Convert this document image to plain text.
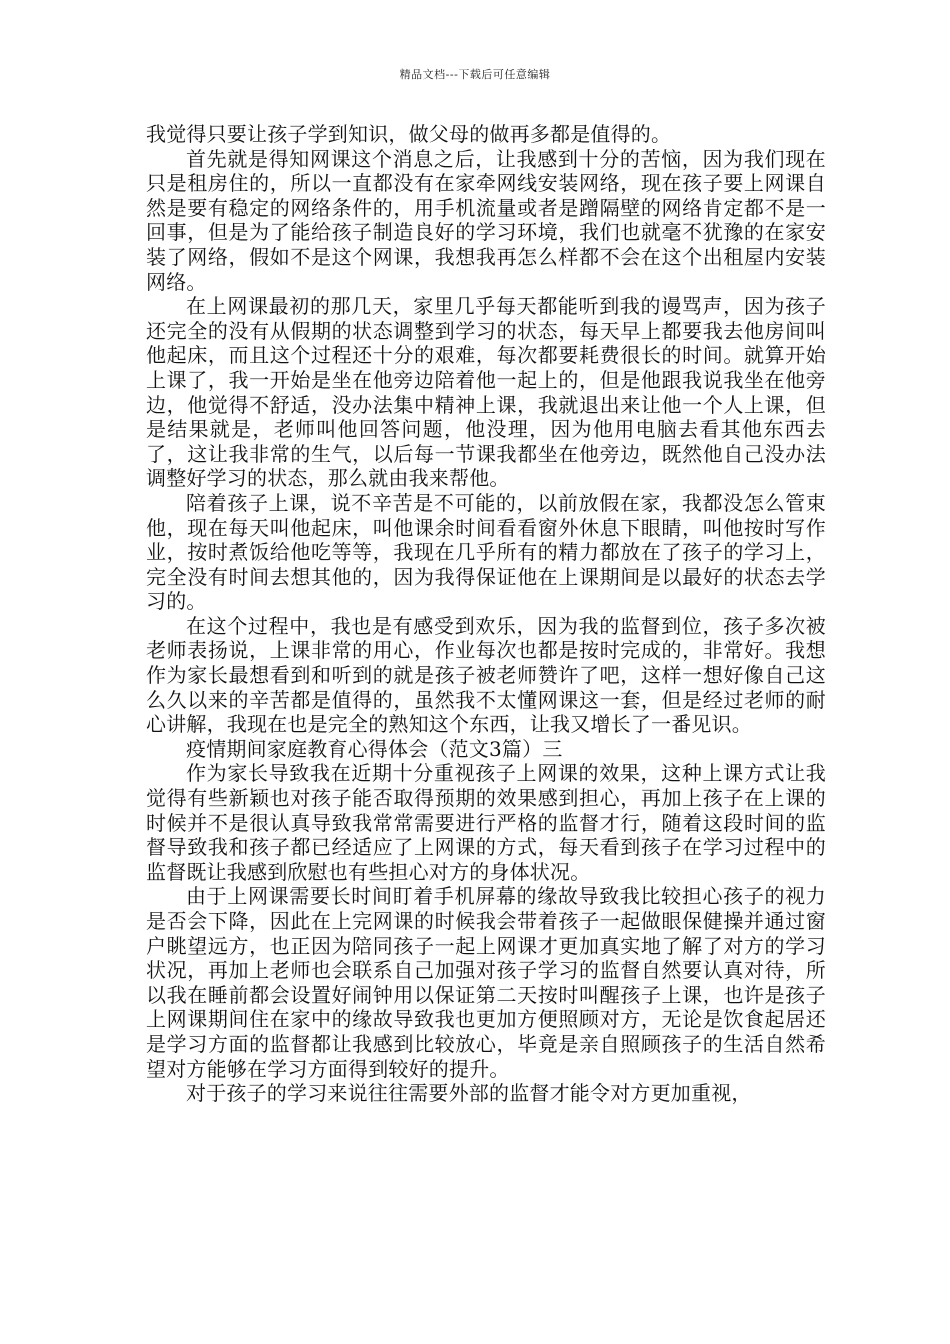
精品文档---下载后可任意编辑

我觉得只要让孩子学到知识，做父母的做再多都是值得的。

首先就是得知网课这个消息之后，让我感到十分的苦恼，因为我们现在只是租房住的，所以一直都没有在家牵网线安装网络，现在孩子要上网课自然是要有稳定的网络条件的，用手机流量或者是蹭隔壁的网络肯定都不是一回事，但是为了能给孩子制造良好的学习环境，我们也就毫不犹豫的在家安装了网络，假如不是这个网课，我想我再怎么样都不会在这个出租屋内安装网络。

在上网课最初的那几天，家里几乎每天都能听到我的谩骂声，因为孩子还完全的没有从假期的状态调整到学习的状态，每天早上都要我去他房间叫他起床，而且这个过程还十分的艰难，每次都要耗费很长的时间。就算开始上课了，我一开始是坐在他旁边陪着他一起上的，但是他跟我说我坐在他旁边，他觉得不舒适，没办法集中精神上课，我就退出来让他一个人上课，但是结果就是，老师叫他回答问题，他没理，因为他用电脑去看其他东西去了，这让我非常的生气，以后每一节课我都坐在他旁边，既然他自己没办法调整好学习的状态，那么就由我来帮他。

陪着孩子上课，说不辛苦是不可能的，以前放假在家，我都没怎么管束他，现在每天叫他起床，叫他课余时间看看窗外休息下眼睛，叫他按时写作业，按时煮饭给他吃等等，我现在几乎所有的精力都放在了孩子的学习上，完全没有时间去想其他的，因为我得保证他在上课期间是以最好的状态去学习的。

在这个过程中，我也是有感受到欢乐，因为我的监督到位，孩子多次被老师表扬说，上课非常的用心，作业每次也都是按时完成的，非常好。我想作为家长最想看到和听到的就是孩子被老师赞许了吧，这样一想好像自己这么久以来的辛苦都是值得的，虽然我不太懂网课这一套，但是经过老师的耐心讲解，我现在也是完全的熟知这个东西，让我又增长了一番见识。

疫情期间家庭教育心得体会（范文3篇）三

作为家长导致我在近期十分重视孩子上网课的效果，这种上课方式让我觉得有些新颖也对孩子能否取得预期的效果感到担心，再加上孩子在上课的时候并不是很认真导致我常常需要进行严格的监督才行，随着这段时间的监督导致我和孩子都已经适应了上网课的方式，每天看到孩子在学习过程中的监督既让我感到欣慰也有些担心对方的身体状况。

由于上网课需要长时间盯着手机屏幕的缘故导致我比较担心孩子的视力是否会下降，因此在上完网课的时候我会带着孩子一起做眼保健操并通过窗户眺望远方，也正因为陪同孩子一起上网课才更加真实地了解了对方的学习状况，再加上老师也会联系自己加强对孩子学习的监督自然要认真对待，所以我在睡前都会设置好闹钟用以保证第二天按时叫醒孩子上课，也许是孩子上网课期间住在家中的缘故导致我也更加方便照顾对方，无论是饮食起居还是学习方面的监督都让我感到比较放心，毕竟是亲自照顾孩子的生活自然希望对方能够在学习方面得到较好的提升。

对于孩子的学习来说往往需要外部的监督才能令对方更加重视，
